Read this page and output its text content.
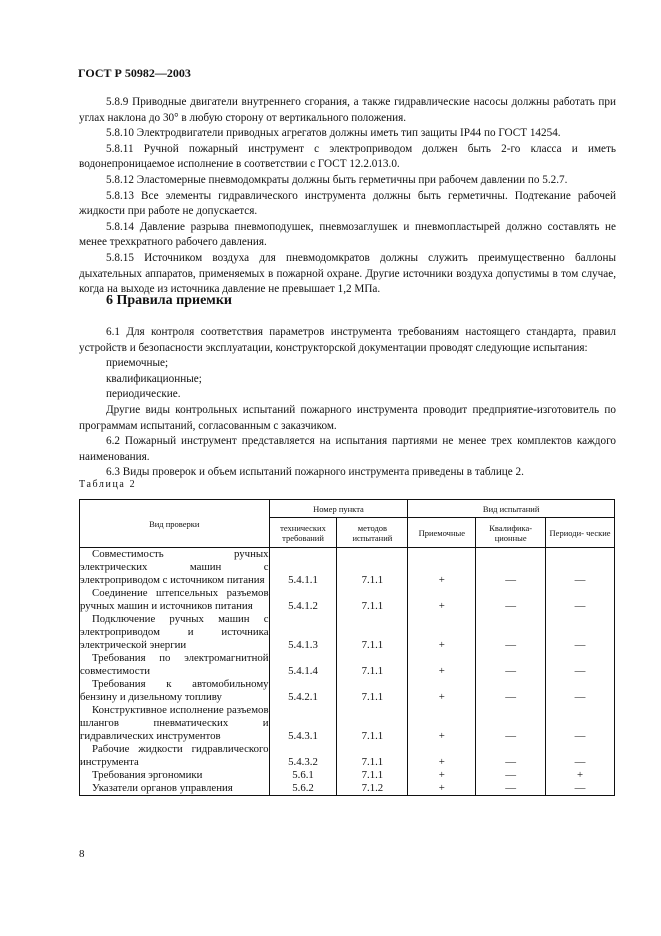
ГОСТ Р 50982—2003

5.8.9 Приводные двигатели внутреннего сгорания, а также гидравлические насосы должны работать при углах наклона до 30° в любую сторону от вертикального положения.

5.8.10 Электродвигатели приводных агрегатов должны иметь тип защиты IP44 по ГОСТ 14254.

5.8.11 Ручной пожарный инструмент с электроприводом должен быть 2-го класса и иметь водонепроницаемое исполнение в соответствии с ГОСТ 12.2.013.0.

5.8.12 Эластомерные пневмодомкраты должны быть герметичны при рабочем давлении по 5.2.7.

5.8.13 Все элементы гидравлического инструмента должны быть герметичны. Подтекание рабочей жидкости при работе не допускается.

5.8.14 Давление разрыва пневмоподушек, пневмозаглушек и пневмопластырей должно составлять не менее трехкратного рабочего давления.

5.8.15 Источником воздуха для пневмодомкратов должны служить преимущественно баллоны дыхательных аппаратов, применяемых в пожарной охране. Другие источники воздуха допустимы в том случае, когда на выходе из источника давление не превышает 1,2 МПа.

6 Правила приемки

6.1 Для контроля соответствия параметров инструмента требованиям настоящего стандарта, правил устройств и безопасности эксплуатации, конструкторской документации проводят следующие испытания:

приемочные;

квалификационные;

периодические.

Другие виды контрольных испытаний пожарного инструмента проводит предприятие-изготовитель по программам испытаний, согласованным с заказчиком.

6.2 Пожарный инструмент представляется на испытания партиями не менее трех комплектов каждого наименования.

6.3 Виды проверок и объем испытаний пожарного инструмента приведены в таблице 2.

Таблица 2
Вид проверки	Номер пункта		Вид испытаний		
	технических требований	методов испытаний	Приемочные	Квалифика- ционные	Периоди- ческие

Совместимость ручных электрических машин с электроприводом с источником питания	5.4.1.1	7.1.1	+	—	—

Соединение штепсельных разъемов ручных машин и источников питания	5.4.1.2	7.1.1	+	—	—

Подключение ручных машин с электроприводом и источника электрической энергии	5.4.1.3	7.1.1	+	—	—

Требования по электромагнитной совместимости	5.4.1.4	7.1.1	+	—	—

Требования к автомобильному бензину и дизельному топливу	5.4.2.1	7.1.1	+	—	—

Конструктивное исполнение разъемов шлангов пневматических и гидравлических инструментов	5.4.3.1	7.1.1	+	—	—

Рабочие жидкости гидравлического инструмента	5.4.3.2	7.1.1	+	—	—

Требования эргономики	5.6.1	7.1.1	+	—	+

Указатели органов управления	5.6.2	7.1.2	+	—	—
8
